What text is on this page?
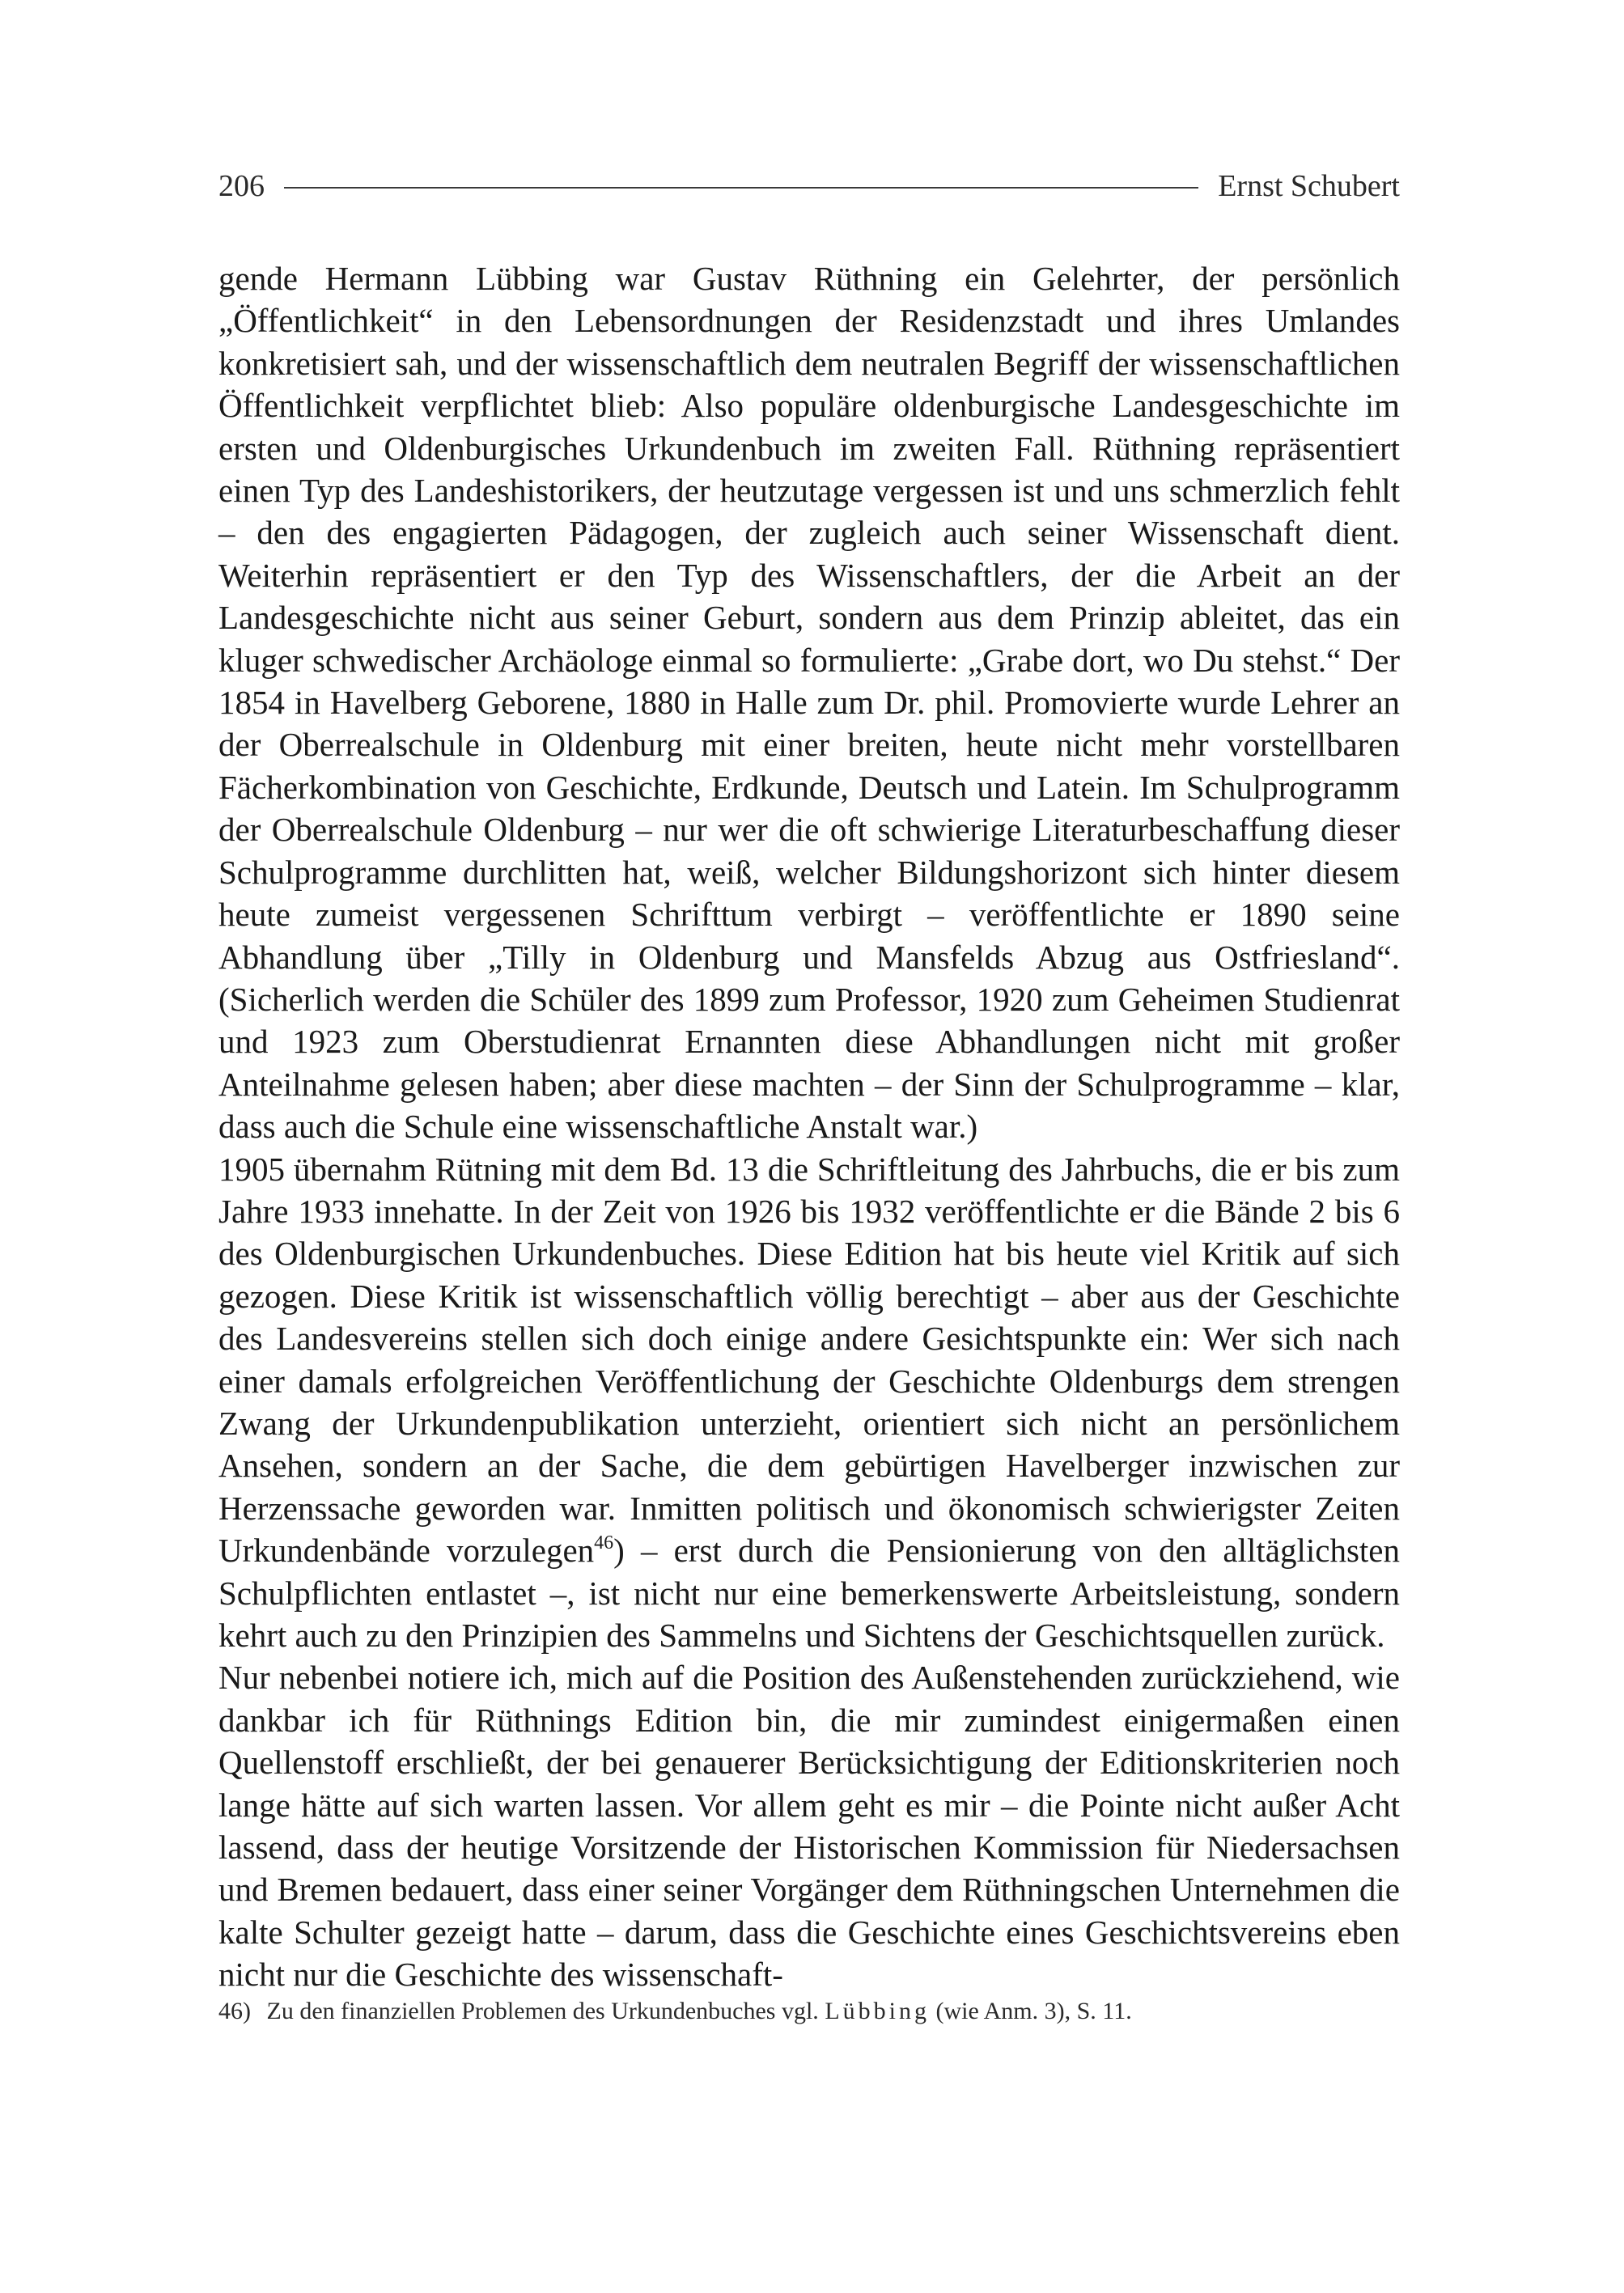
206	Ernst Schubert

gende Hermann Lübbing war Gustav Rüthning ein Gelehrter, der persönlich „Öffentlichkeit“ in den Lebensordnungen der Residenzstadt und ihres Umlandes konkretisiert sah, und der wissenschaftlich dem neutralen Begriff der wissenschaftlichen Öffentlichkeit verpflichtet blieb: Also populäre oldenburgische Landesgeschichte im ersten und Oldenburgisches Urkundenbuch im zweiten Fall. Rüthning repräsentiert einen Typ des Landeshistorikers, der heutzutage vergessen ist und uns schmerzlich fehlt – den des engagierten Pädagogen, der zugleich auch seiner Wissenschaft dient. Weiterhin repräsentiert er den Typ des Wissenschaftlers, der die Arbeit an der Landesgeschichte nicht aus seiner Geburt, sondern aus dem Prinzip ableitet, das ein kluger schwedischer Archäologe einmal so formulierte: „Grabe dort, wo Du stehst.“ Der 1854 in Havelberg Geborene, 1880 in Halle zum Dr. phil. Promovierte wurde Lehrer an der Oberrealschule in Oldenburg mit einer breiten, heute nicht mehr vorstellbaren Fächerkombination von Geschichte, Erdkunde, Deutsch und Latein. Im Schulprogramm der Oberrealschule Oldenburg – nur wer die oft schwierige Literaturbeschaffung dieser Schulprogramme durchlitten hat, weiß, welcher Bildungshorizont sich hinter diesem heute zumeist vergessenen Schrifttum verbirgt – veröffentlichte er 1890 seine Abhandlung über „Tilly in Oldenburg und Mansfelds Abzug aus Ostfriesland“. (Sicherlich werden die Schüler des 1899 zum Professor, 1920 zum Geheimen Studienrat und 1923 zum Oberstudienrat Ernannten diese Abhandlungen nicht mit großer Anteilnahme gelesen haben; aber diese machten – der Sinn der Schulprogramme – klar, dass auch die Schule eine wissenschaftliche Anstalt war.)

1905 übernahm Rütning mit dem Bd. 13 die Schriftleitung des Jahrbuchs, die er bis zum Jahre 1933 innehatte. In der Zeit von 1926 bis 1932 veröffentlichte er die Bände 2 bis 6 des Oldenburgischen Urkundenbuches. Diese Edition hat bis heute viel Kritik auf sich gezogen. Diese Kritik ist wissenschaftlich völlig berechtigt – aber aus der Geschichte des Landesvereins stellen sich doch einige andere Gesichtspunkte ein: Wer sich nach einer damals erfolgreichen Veröffentlichung der Geschichte Oldenburgs dem strengen Zwang der Urkundenpublikation unterzieht, orientiert sich nicht an persönlichem Ansehen, sondern an der Sache, die dem gebürtigen Havelberger inzwischen zur Herzenssache geworden war. Inmitten politisch und ökonomisch schwierigster Zeiten Urkundenbände vorzulegen$^{46}$) – erst durch die Pensionierung von den alltäglichsten Schulpflichten entlastet –, ist nicht nur eine bemerkenswerte Arbeitsleistung, sondern kehrt auch zu den Prinzipien des Sammelns und Sichtens der Geschichtsquellen zurück.

Nur nebenbei notiere ich, mich auf die Position des Außenstehenden zurückziehend, wie dankbar ich für Rüthnings Edition bin, die mir zumindest einigermaßen einen Quellenstoff erschließt, der bei genauerer Berücksichtigung der Editionskriterien noch lange hätte auf sich warten lassen. Vor allem geht es mir – die Pointe nicht außer Acht lassend, dass der heutige Vorsitzende der Historischen Kommission für Niedersachsen und Bremen bedauert, dass einer seiner Vorgänger dem Rüthningschen Unternehmen die kalte Schulter gezeigt hatte – darum, dass die Geschichte eines Geschichtsvereins eben nicht nur die Geschichte des wissenschaft-

46) Zu den finanziellen Problemen des Urkundenbuches vgl. Lübbing (wie Anm. 3), S. 11.
